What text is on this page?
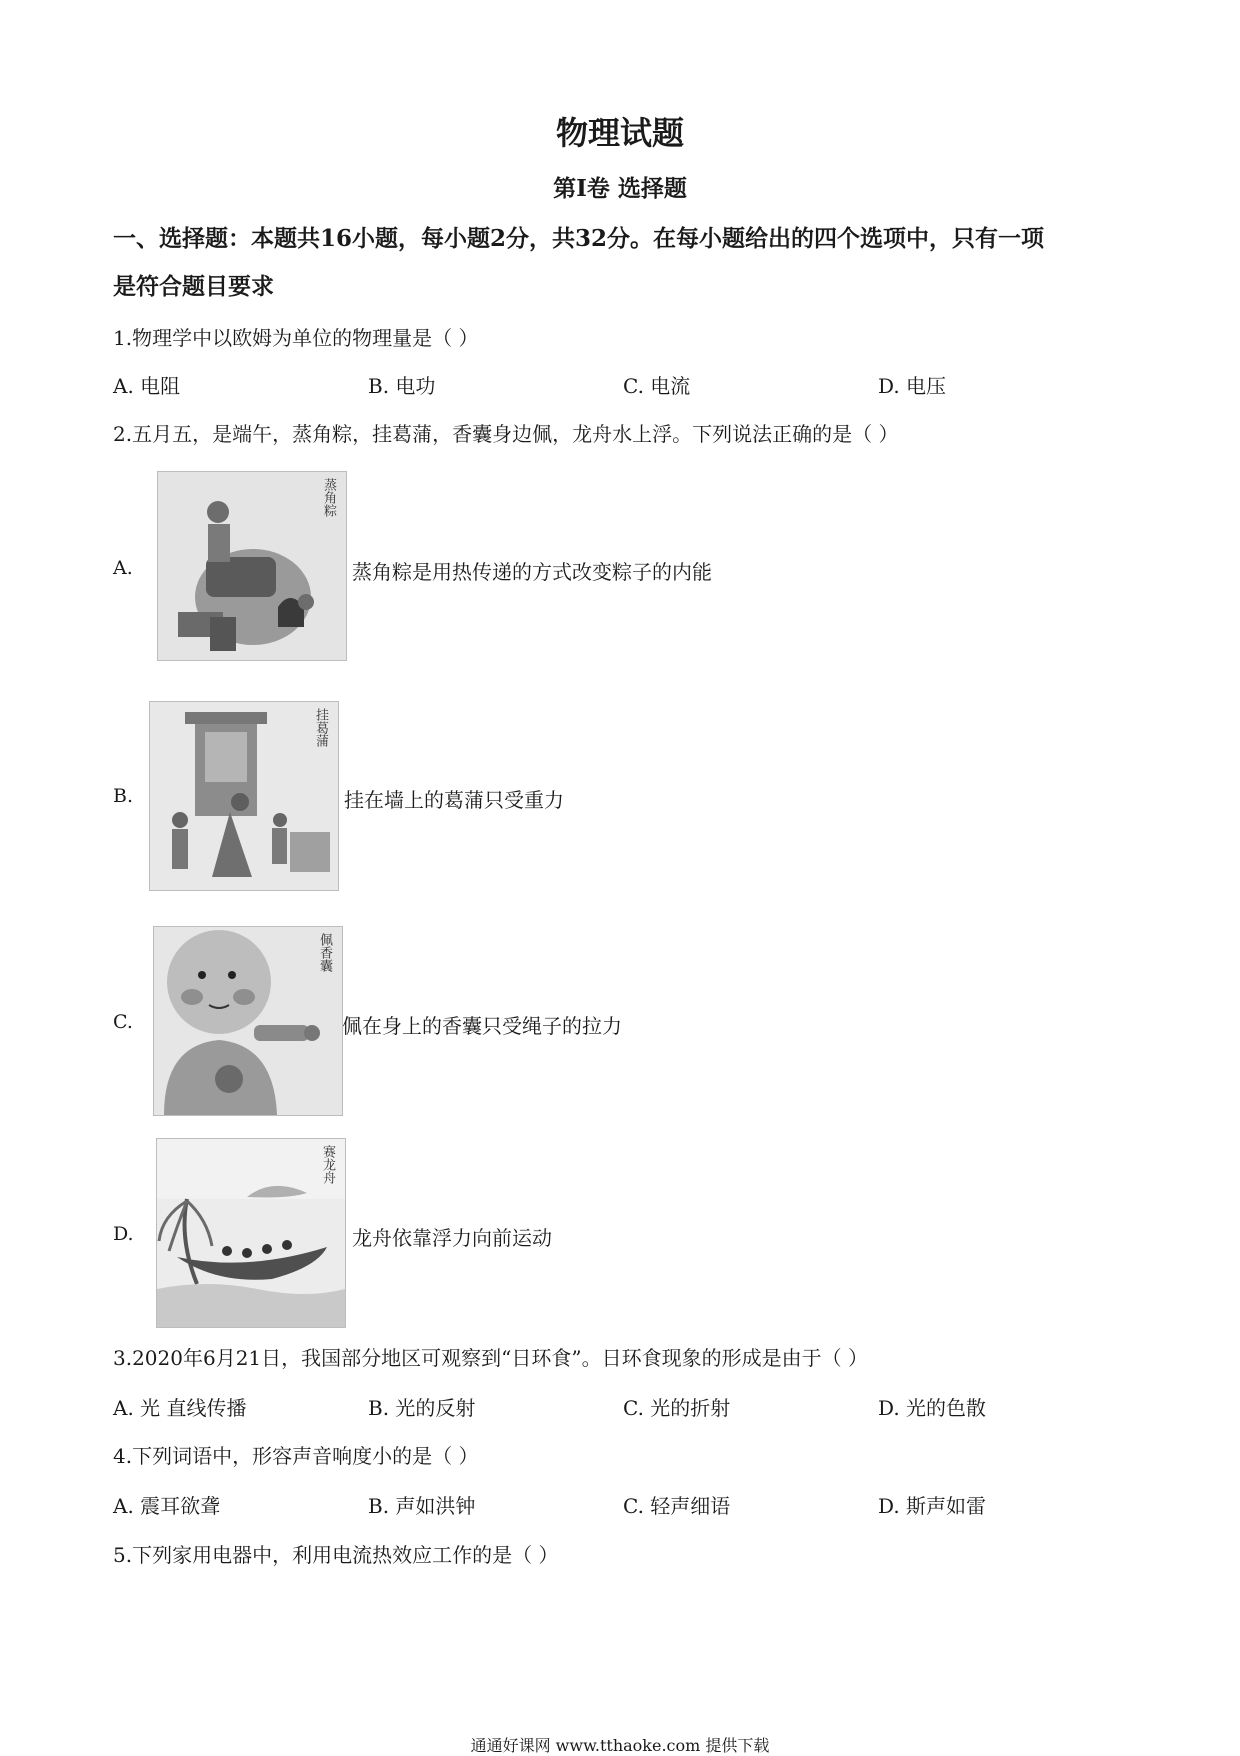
物理试题
第I卷 选择题
一、选择题：本题共16小题，每小题2分，共32分。在每小题给出的四个选项中，只有一项
是符合题目要求
1.物理学中以欧姆为单位的物理量是（ ）
A. 电阻	B. 电功	C. 电流	D. 电压
2.五月五，是端午，蒸角粽，挂葛蒲，香囊身边佩，龙舟水上浮。下列说法正确的是（ ）
A.
蒸角粽
蒸角粽是用热传递的方式改变粽子的内能
B.
挂葛蒲
挂在墙上的葛蒲只受重力
C.
佩香囊
佩在身上的香囊只受绳子的拉力
D.
赛龙舟
龙舟依靠浮力向前运动
3.2020年6月21日，我国部分地区可观察到“日环食”。日环食现象的形成是由于（ ）
A. 光 直线传播	B. 光的反射	C. 光的折射	D. 光的色散
4.下列词语中，形容声音响度小的是（ ）
A. 震耳欲聋	B. 声如洪钟	C. 轻声细语	D. 斯声如雷
5.下列家用电器中，利用电流热效应工作的是（ ）
通通好课网 www.tthaoke.com 提供下载
